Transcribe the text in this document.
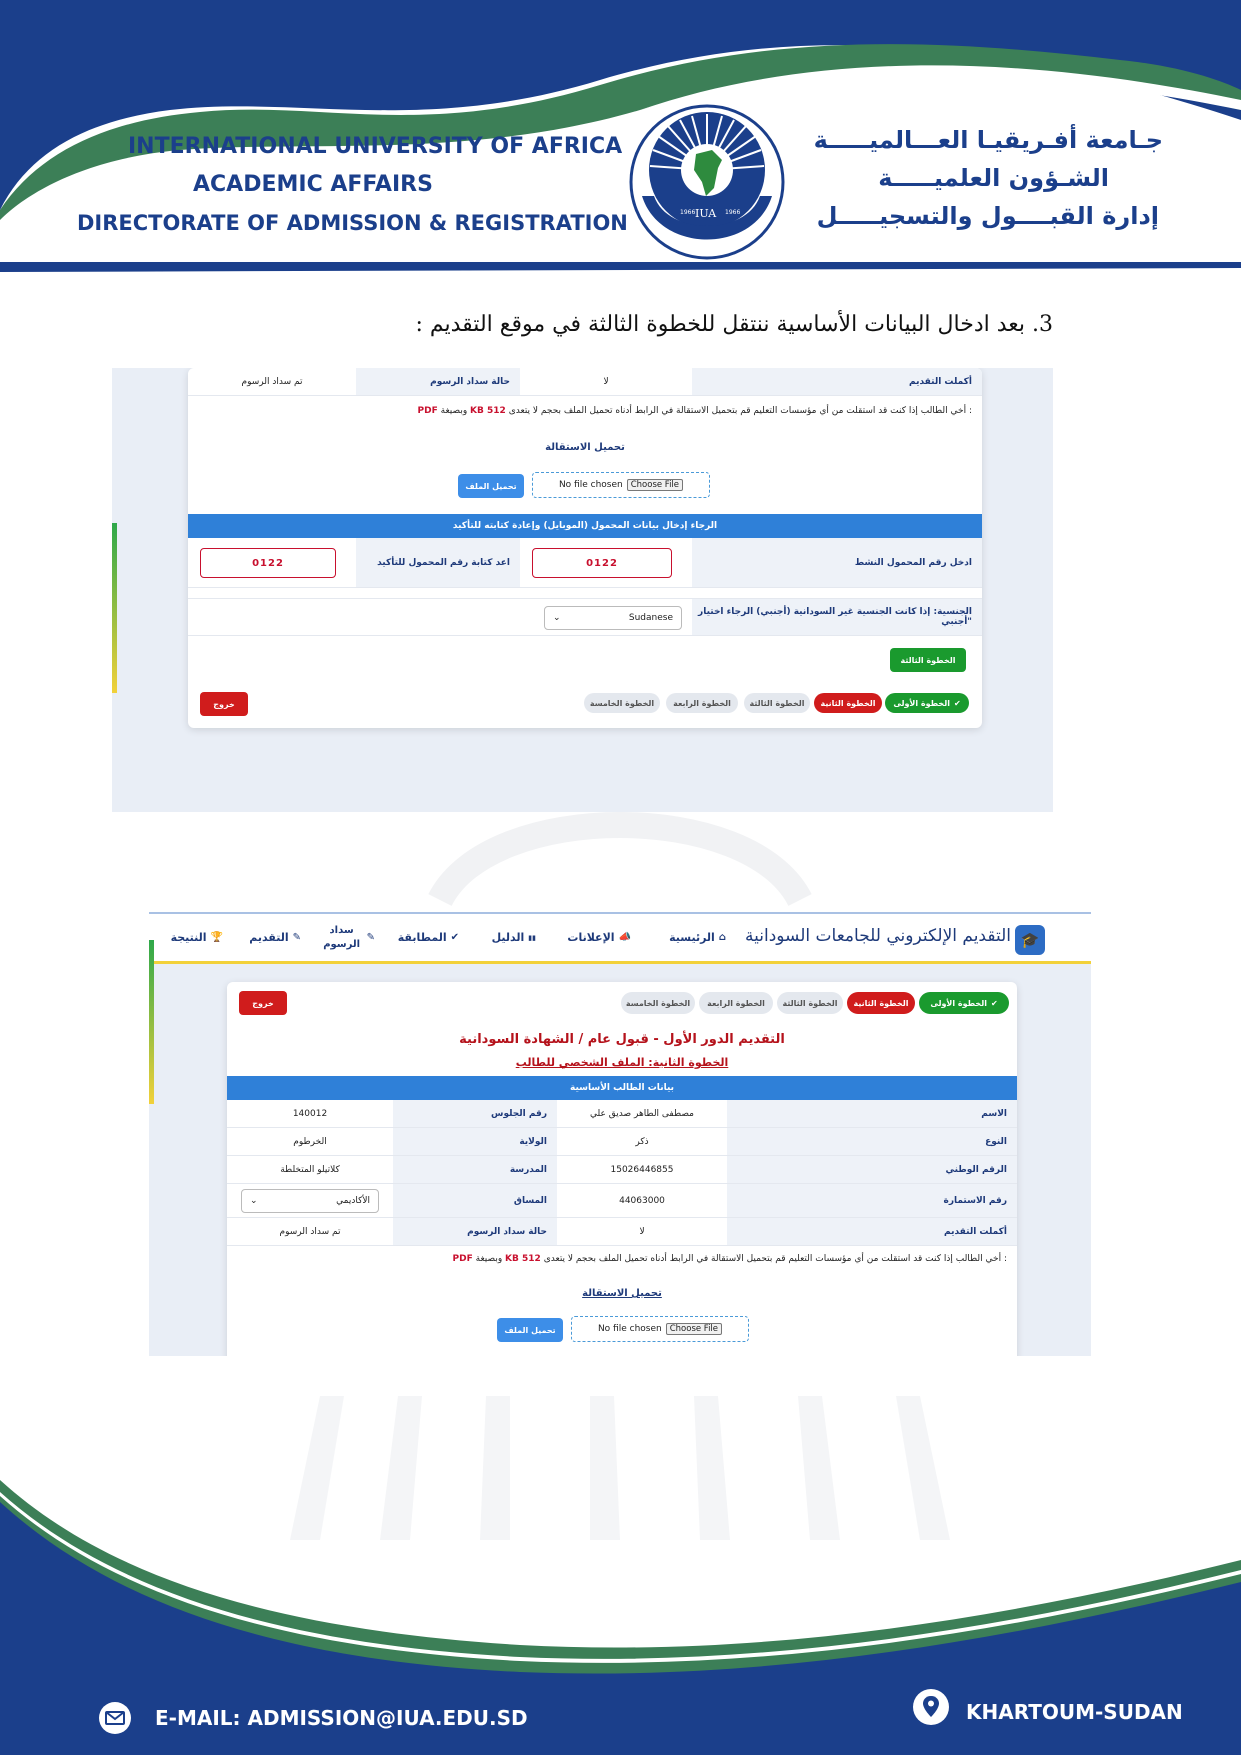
INTERNATIONAL UNIVERSITY OF AFRICA
ACADEMIC AFFAIRS
DIRECTORATE OF ADMISSION & REGISTRATION
جـامعة أفـريقيـا العـــالميـــــة
الشـؤون العلميـــــة
إدارة القبــــول والتسجيـــــل
IUA
1966	1966
3. بعد ادخال البيانات الأساسية ننتقل للخطوة الثالثة في موقع التقديم :
أكملت التقديم
لا
حالة سداد الرسوم
تم سداد الرسوم
: أخي الطالب إذا كنت قد استقلت من أي مؤسسات التعليم قم بتحميل الاستقالة في الرابط أدناه تحميل الملف بحجم لا يتعدى 512 KB وبصيغة PDF
تحميل الاستقالة
No file chosen Choose File
تحميل الملف
الرجاء إدخال بيانات المحمول (الموبايل) وإعادة كتابته للتأكيد
ادخل رقم المحمول النشط
0122
اعد كتابة رقم المحمول للتأكيد
0122
الجنسية: إذا كانت الجنسية غير السودانية (أجنبي) الرجاء اختيار "أجنبي
Sudanese
⌄
الخطوة الثالثة
✔
الخطوة الأولى
الخطوة الثانية
الخطوة الثالثة
الخطوة الرابعة
الخطوة الخامسة
خروج
🎓
التقديم الإلكتروني للجامعات السودانية
⌂
الرئيسية
📣
الإعلانات
▮▮
الدليل
✔
المطابقة
✎
سداد الرسوم
✎
التقديم
🏆
النتيجة
✔
الخطوة الأولى
الخطوة الثانية
الخطوة الثالثة
الخطوة الرابعة
الخطوة الخامسة
خروج
التقديم الدور الأول - قبول عام / الشهادة السودانية
الخطوة الثانية: الملف الشخصي للطالب
بيانات الطالب الأساسية
الاسم
مصطفى الطاهر صديق علي
رقم الجلوس
140012
النوع
ذكر
الولاية
الخرطوم
الرقم الوطني
15026446855
المدرسة
كلاتيلو المتخلطة
رقم الاستمارة
44063000
المساق
الأكاديمي
⌄
أكملت التقديم
لا
حالة سداد الرسوم
تم سداد الرسوم
: أخي الطالب إذا كنت قد استقلت من أي مؤسسات التعليم قم بتحميل الاستقالة في الرابط أدناه تحميل الملف بحجم لا يتعدى 512 KB وبصيغة PDF
تحميل الاستقالة
No file chosen Choose File
تحميل الملف
E-MAIL: ADMISSION@IUA.EDU.SD	KHARTOUM-SUDAN
